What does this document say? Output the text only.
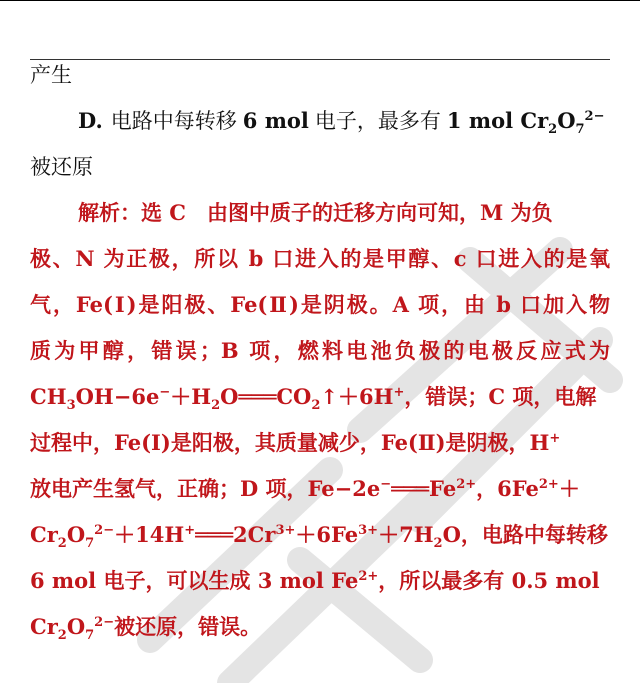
产生
D. 电路中每转移 6 mol 电子，最多有 1 mol $Cr_2O_7^{2-}$
被还原
解析：选 C　由图中质子的迁移方向可知，M 为负
极、N 为正极，所以 b 口进入的是甲醇、c 口进入的是氧
气，Fe(Ⅰ)是阳极、Fe(Ⅱ)是阴极。A 项，由 b 口加入物
质为甲醇，错误；B 项，燃料电池负极的电极反应式为
$CH_3OH-6e^-+H_2O═══CO_2↑+6H^+$，错误；C 项，电解
过程中，Fe(Ⅰ)是阳极，其质量减少，Fe(Ⅱ)是阴极，H+
放电产生氢气，正确；D 项，$Fe-2e^-═══Fe^{2+}$，$6Fe^{2+}+$
$Cr_2O_7^{2-}+14H^+═══2Cr^{3+}+6Fe^{3+}+7H_2O$，电路中每转移
6 mol 电子，可以生成 3 mol $Fe^{2+}$，所以最多有 0.5 mol
$Cr_2O_7^{2-}$被还原，错误。
